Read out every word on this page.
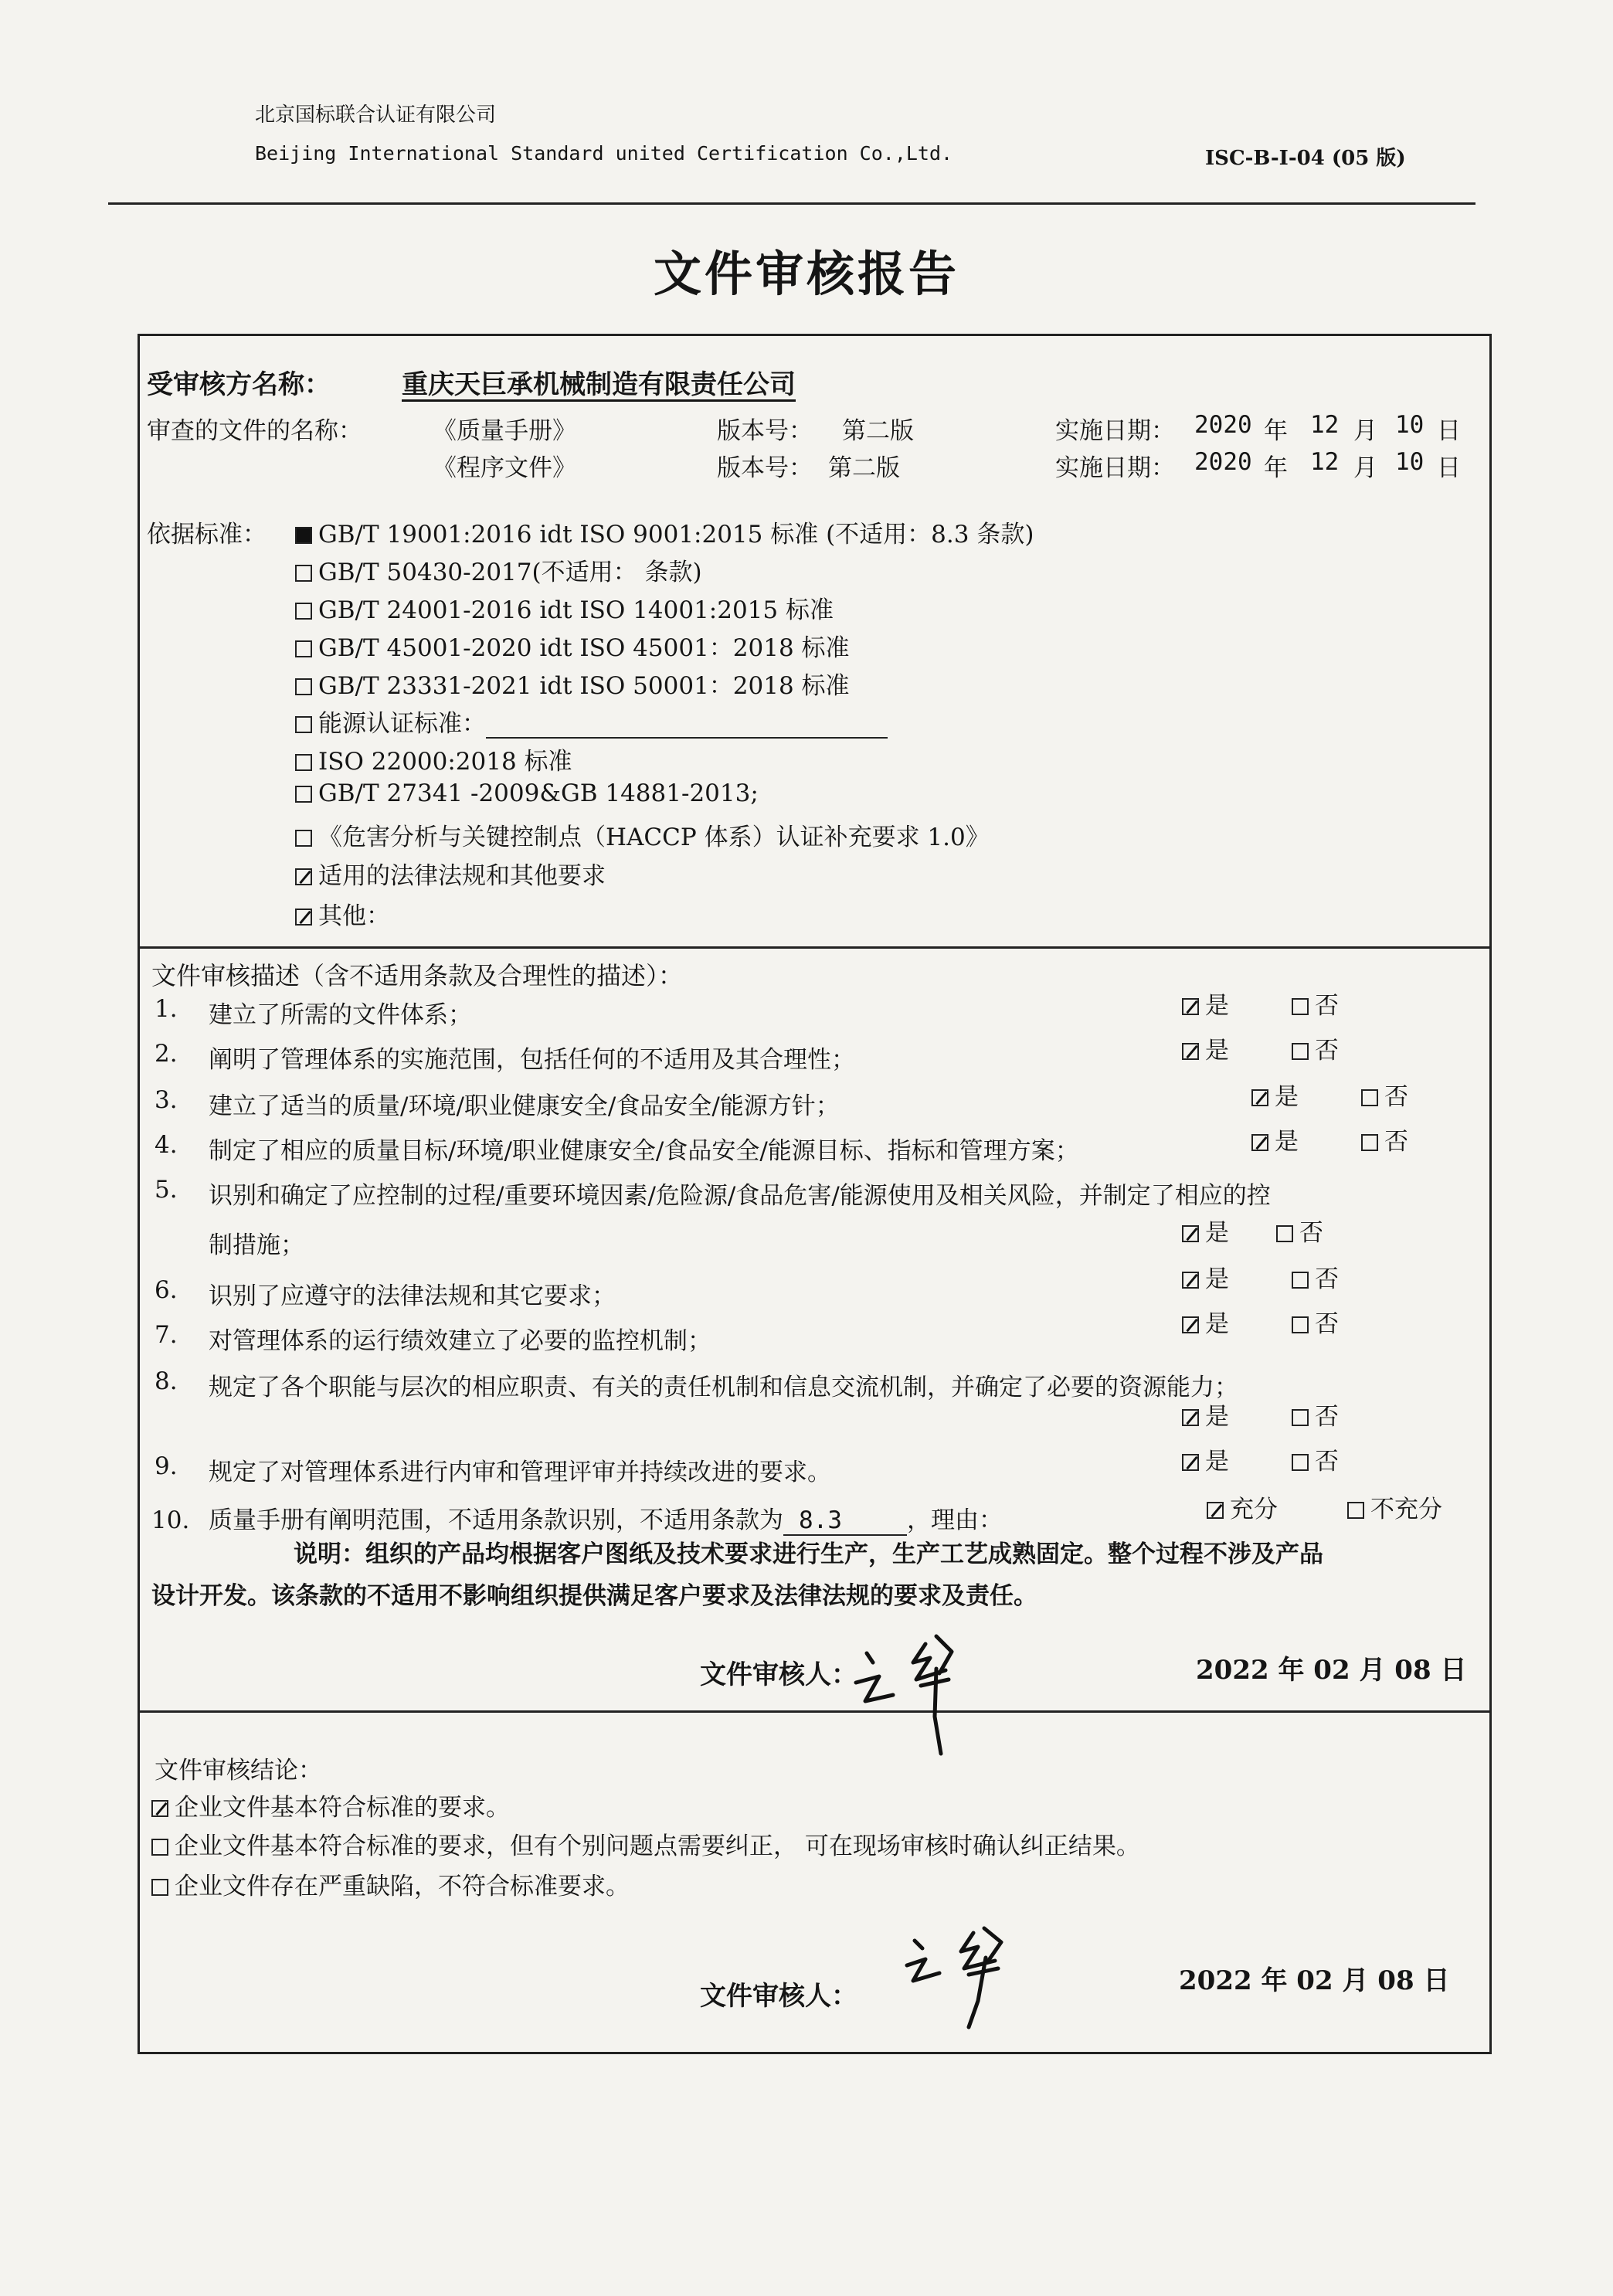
北京国标联合认证有限公司
Beijing International Standard united Certification Co.,Ltd.	ISC-B-I-04 (05 版)
文件审核报告
受审核方名称：	重庆天巨承机械制造有限责任公司
审查的文件的名称：	《质量手册》	版本号： 第二版	实施日期： 2020 年 12 月 10 日
《程序文件》	版本号： 第二版	实施日期： 2020 年 12 月 10 日
依据标准：	GB/T 19001:2016 idt ISO 9001:2015 标准 (不适用：8.3 条款)
GB/T 50430-2017(不适用： 条款)
GB/T 24001-2016 idt ISO 14001:2015 标准
GB/T 45001-2020 idt ISO 45001：2018 标准
GB/T 23331-2021 idt ISO 50001：2018 标准
能源认证标准：
ISO 22000:2018 标准
GB/T 27341 -2009&GB 14881-2013;
《危害分析与关键控制点（HACCP 体系）认证补充要求 1.0》
适用的法律法规和其他要求
其他：
文件审核描述（含不适用条款及合理性的描述）：
1. 建立了所需的文件体系；	是	否
2. 阐明了管理体系的实施范围，包括任何的不适用及其合理性；	是	否
3. 建立了适当的质量/环境/职业健康安全/食品安全/能源方针；	是	否
4. 制定了相应的质量目标/环境/职业健康安全/食品安全/能源目标、指标和管理方案；	是	否
5. 识别和确定了应控制的过程/重要环境因素/危险源/食品危害/能源使用及相关风险，并制定了相应的控
制措施；	是	否
6. 识别了应遵守的法律法规和其它要求；
是	否
7. 对管理体系的运行绩效建立了必要的监控机制；
是	否
8. 规定了各个职能与层次的相应职责、有关的责任机制和信息交流机制，并确定了必要的资源能力；
是	否
9. 规定了对管理体系进行内审和管理评审并持续改进的要求。	是	否
10. 质量手册有阐明范围，不适用条款识别，不适用条款为 8.3	，理由：	充分	不充分
说明：组织的产品均根据客户图纸及技术要求进行生产，生产工艺成熟固定。整个过程不涉及产品
设计开发。该条款的不适用不影响组织提供满足客户要求及法律法规的要求及责任。
文件审核人：	2022 年 02 月 08 日
文件审核结论：
企业文件基本符合标准的要求。
企业文件基本符合标准的要求，但有个别问题点需要纠正， 可在现场审核时确认纠正结果。
企业文件存在严重缺陷，不符合标准要求。
文件审核人：	2022 年 02 月 08 日
